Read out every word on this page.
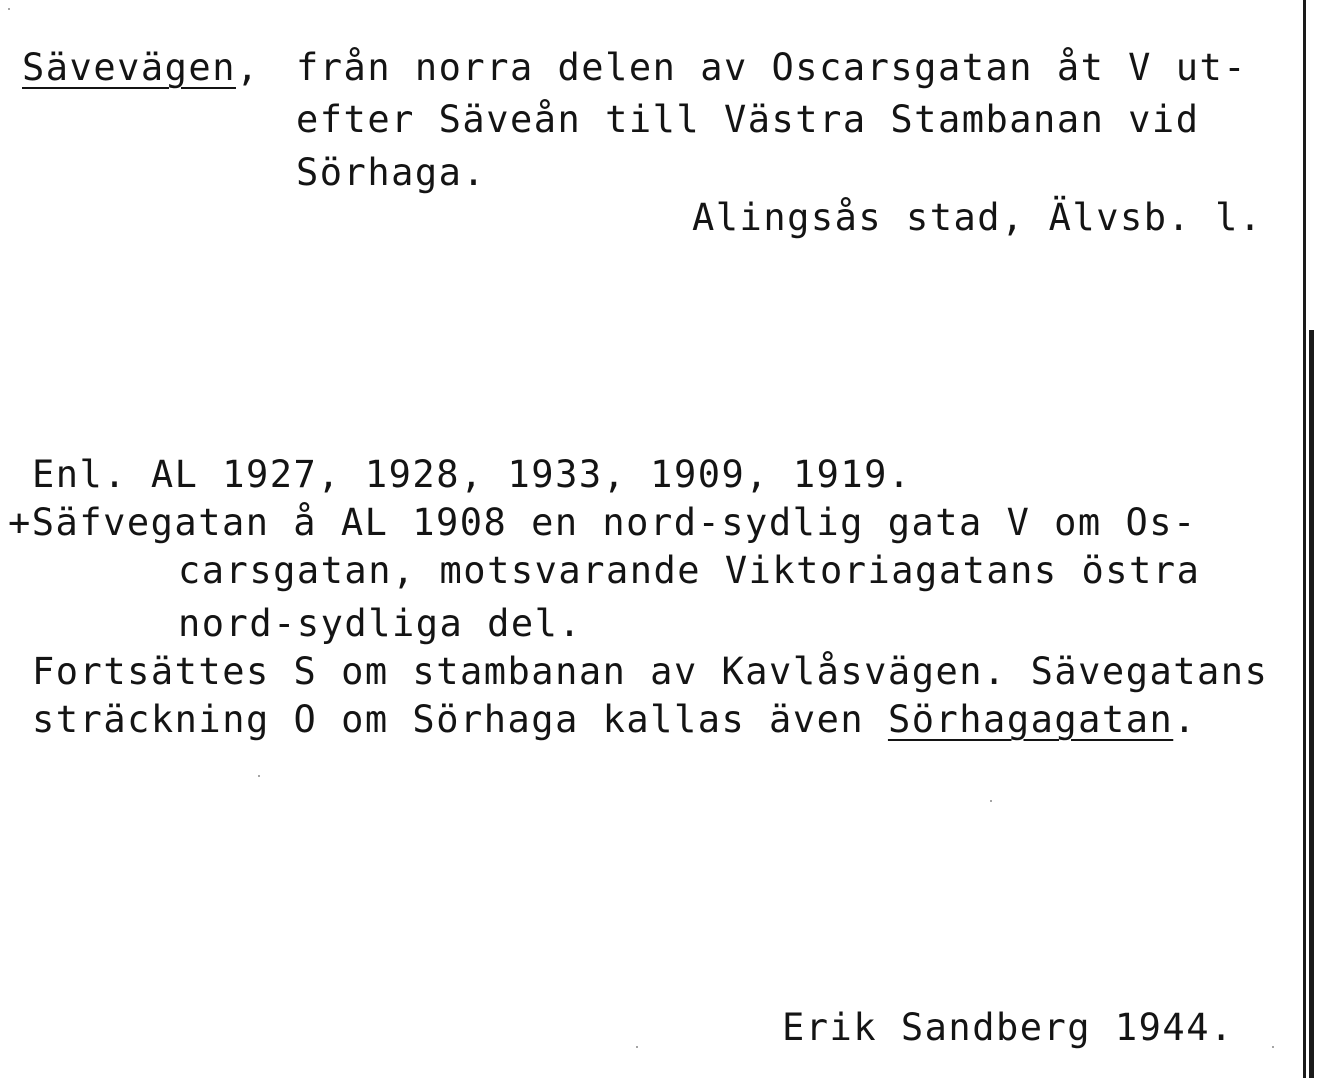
Sävevägen, från norra delen av Oscarsgatan åt V ut-
efter Säveån till Västra Stambanan vid
Sörhaga.
Alingsås stad, Älvsb. l.
Enl. AL 1927, 1928, 1933, 1909, 1919.
+Säfvegatan å AL 1908 en nord-sydlig gata V om Os-
carsgatan, motsvarande Viktoriagatans östra
nord-sydliga del.
Fortsättes S om stambanan av Kavlåsvägen. Sävegatans
sträckning O om Sörhaga kallas även Sörhagagatan.
Erik Sandberg 1944.
